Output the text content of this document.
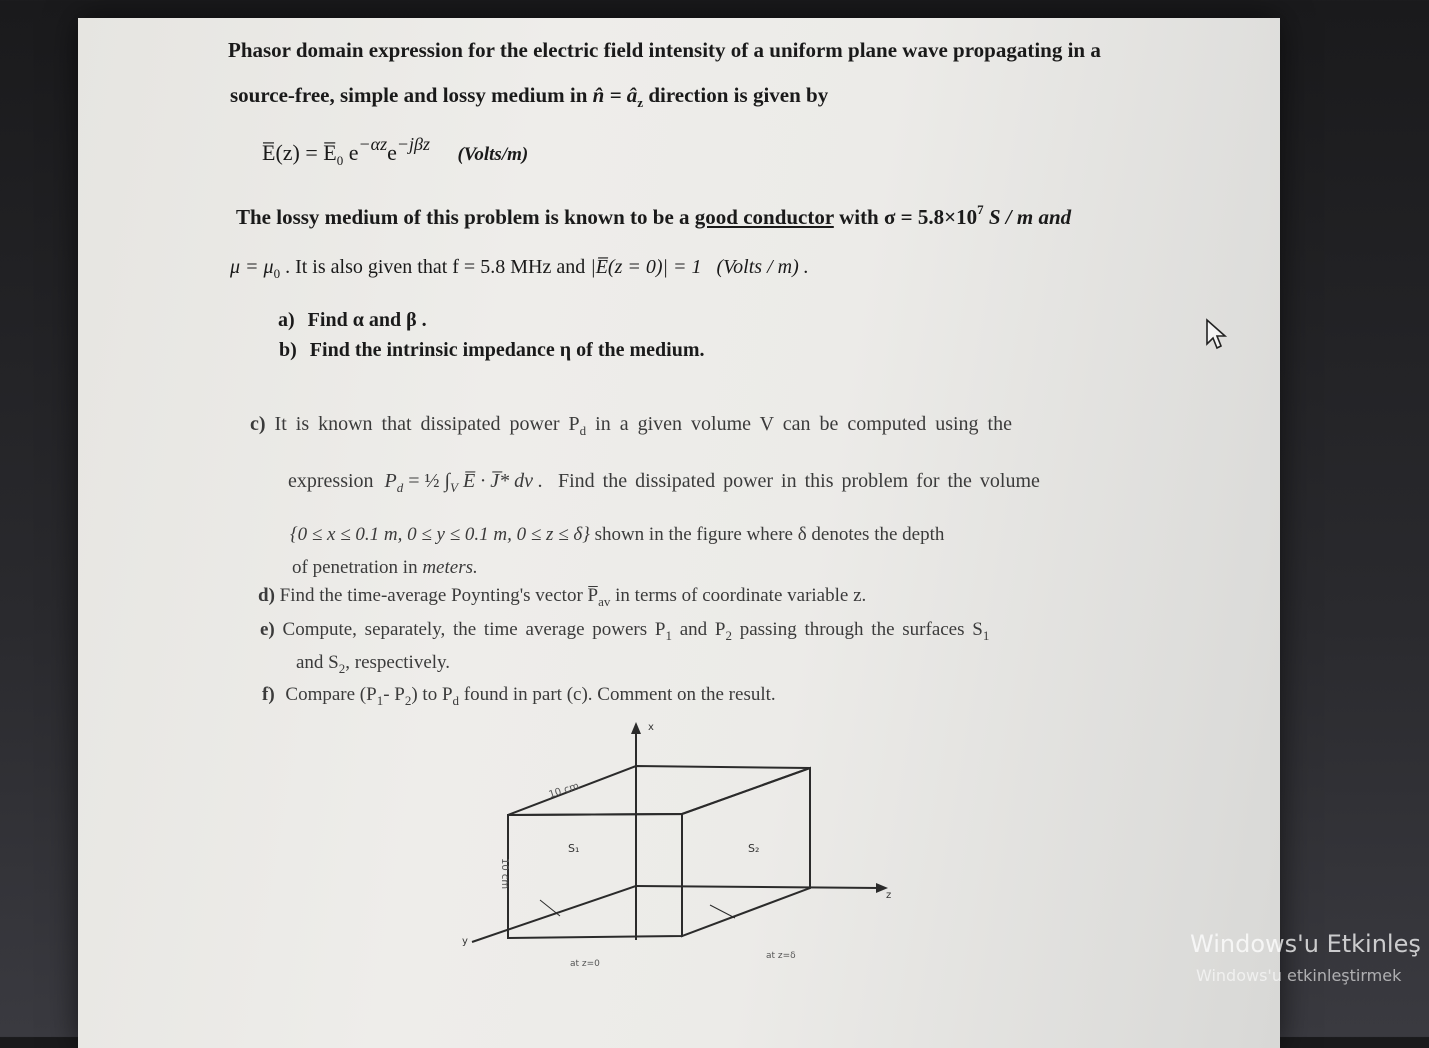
Phasor domain expression for the electric field intensity of a uniform plane wave propagating in a
source-free, simple and lossy medium in n̂ = $â_z$ direction is given by
E̅(z) = $E̅_0$ $e^{-\alpha z}e^{-j\beta z}$ (Volts/m)
The lossy medium of this problem is known to be a good conductor with $\sigma = 5.8\times 10^7$ S / m and
$\mu = \mu_0$ . It is also given that f = 5.8 MHz and |E̅(z = 0)| = 1 (Volts / m) .
a) Find α and β .
b) Find the intrinsic impedance η of the medium.
c) It is known that dissipated power $P_d$ in a given volume V can be computed using the
expression $P_d$ = ½ $\int_V$ E̅ · J̅* dv . Find the dissipated power in this problem for the volume
{0 ≤ x ≤ 0.1 m, 0 ≤ y ≤ 0.1 m, 0 ≤ z ≤ δ} shown in the figure where δ denotes the depth
of penetration in meters.
d) Find the time-average Poynting's vector $P̅_{av}$ in terms of coordinate variable z.
e) Compute, separately, the time average powers $P_1$ and $P_2$ passing through the surfaces $S_1$
and $S_2$, respectively.
f) Compare ($P_1-$ $P_2$) to $P_d$ found in part (c). Comment on the result.
x
y
z
10 cm
10 cm
S₁	S₂
at z=0
at z=δ	Windows'u Etkinleş
Windows'u etkinleştirmek
